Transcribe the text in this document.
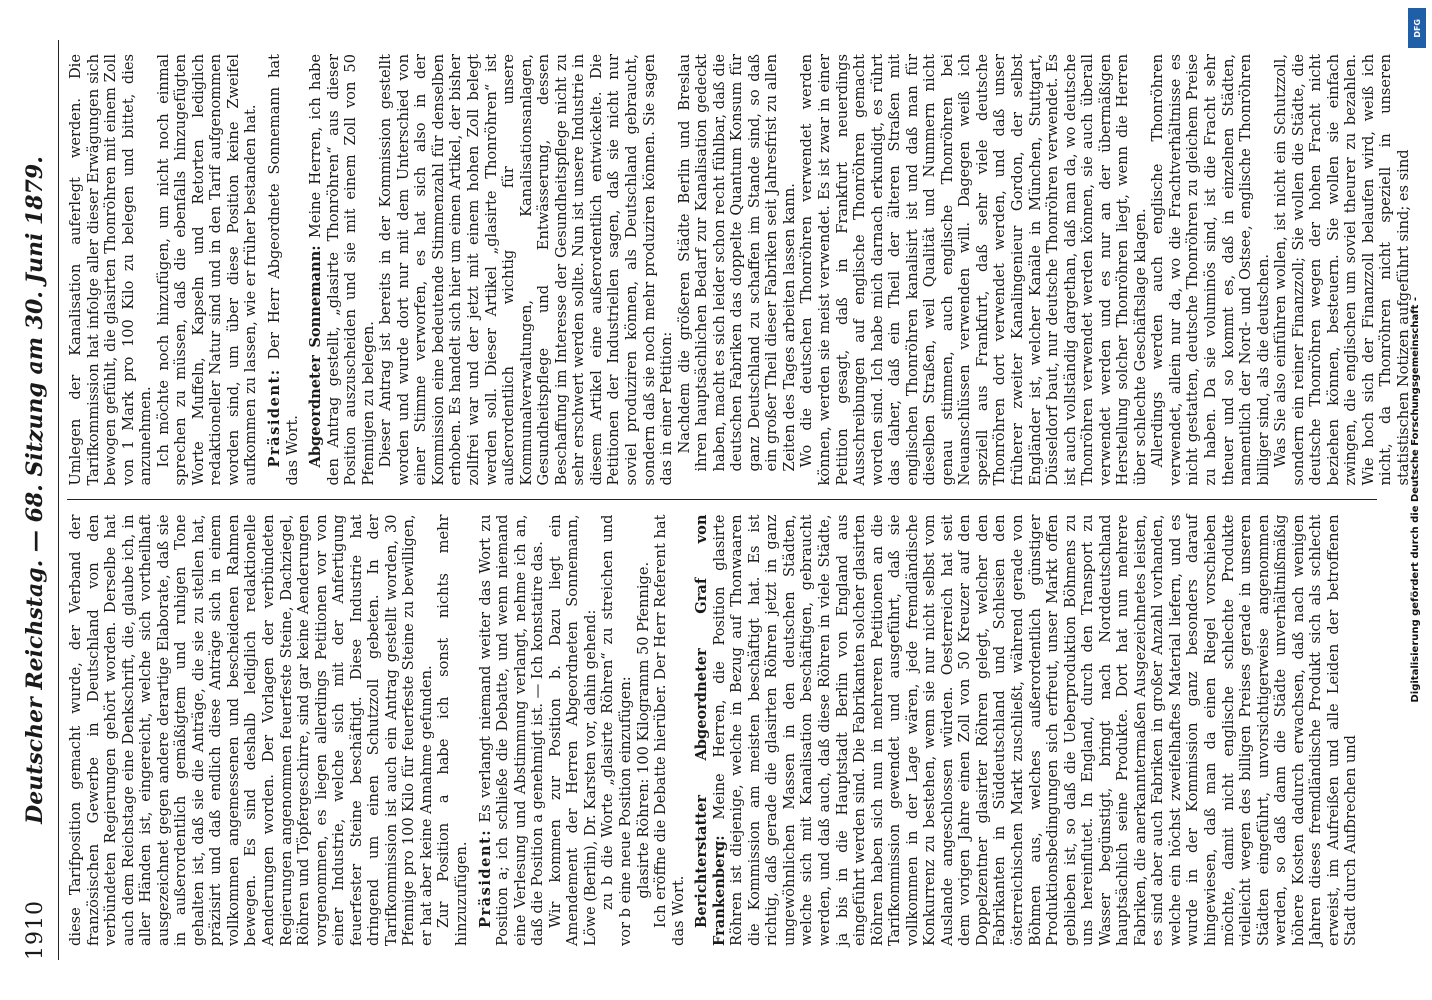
1910
Deutscher Reichstag. — 68. Sitzung am 30. Juni 1879. diese Tarifposition gemacht wurde, der Verband der französischen Gewerbe in Deutschland von den verbündeten Regierungen gehört worden. Derselbe hat auch dem Reichstage eine Denkschrift, die, glaube ich, in aller Händen ist, eingereicht, welche sich vortheilhaft ausgezeichnet gegen andere derartige Elaborate, daß sie in außerordentlich gemäßigtem und ruhigen Tone gehalten ist, daß sie die Anträge, die sie zu stellen hat, präzisirt und daß endlich diese Anträge sich in einem vollkommen angemessenen und bescheidenen Rahmen bewegen. Es sind deshalb lediglich redaktionelle Aenderungen worden. Der Vorlagen der verbündeten Regierungen angenommen feuerfeste Steine, Dachziegel, Röhren und Töpfergeschirre, sind gar keine Aenderungen vorgenommen, es liegen allerdings Petitionen vor von einer Industrie, welche sich mit der Anfertigung feuerfester Steine beschäftigt. Diese Industrie hat dringend um einen Schutzzoll gebeten. In der Tarifkommission ist auch ein Antrag gestellt worden, 30 Pfennige pro 100 Kilo für feuerfeste Steine zu bewilligen, er hat aber keine Annahme gefunden. Zur Position a habe ich sonst nichts mehr hinzuzufügen. Präsident: Es verlangt niemand weiter das Wort zu Position a; ich schließe die Debatte, und wenn niemand eine Verlesung und Abstimmung verlangt, nehme ich an, daß die Position a genehmigt ist. — Ich konstatire das. Wir kommen zur Position b. Dazu liegt ein Amendement der Herren Abgeordneten Sonnemann, Löwe (Berlin), Dr. Karsten vor, dahin gehend: zu b die Worte „glasirte Röhren“ zu streichen und vor b eine neue Position einzufügen: glasirte Röhren: 100 Kilogramm 50 Pfennige. Ich eröffne die Debatte hierüber. Der Herr Referent hat das Wort. Berichterstatter Abgeordneter Graf von Frankenberg: Meine Herren, die Position glasirte Röhren ist diejenige, welche in Bezug auf Thonwaaren die Kommission am meisten beschäftigt hat. Es ist richtig, daß gerade die glasirten Röhren jetzt in ganz ungewöhnlichen Massen in den deutschen Städten, welche sich mit Kanalisation beschäftigen, gebraucht werden, und daß auch, daß diese Röhren in viele Städte, ja bis in die Hauptstadt Berlin von England aus eingeführt werden sind. Die Fabrikanten solcher glasirten Röhren haben sich nun in mehreren Petitionen an die Tarifkommission gewendet und ausgeführt, daß sie vollkommen in der Lage wären, jede fremdländische Konkurrenz zu bestehen, wenn sie nur nicht selbst vom Auslande angeschlossen würden. Oesterreich hat seit dem vorigen Jahre einen Zoll von 50 Kreuzer auf den Doppelzentner glasirter Röhren gelegt, welcher den Fabrikanten in Süddeutschland und Schlesien den österreichischen Markt zuschließt, während gerade von Böhmen aus, welches außerordentlich günstiger Produktionsbedingungen sich erfreut, unser Markt offen geblieben ist, so daß die Ueberproduktion Böhmens zu uns hereinflutet. In England, durch den Transport zu Wasser begünstigt, bringt nach Norddeutschland hauptsächlich seine Produkte. Dort hat nun mehrere Fabriken, die anerkanntermaßen Ausgezeichnetes leisten, es sind aber auch Fabriken in großer Anzahl vorhanden, welche ein höchst zweifelhaftes Material liefern, und es wurde in der Kommission ganz besonders darauf hingewiesen, daß man da einen Riegel vorschieben möchte, damit nicht englische schlechte Produkte vielleicht wegen des billigen Preises gerade in unseren Städten eingeführt, unvorsichtigerweise angenommen werden, so daß dann die Städte unverhältnißmäßig höhere Kosten dadurch erwachsen, daß nach wenigen Jahren dieses fremdländische Produkt sich als schlecht erweist, im Aufreißen und alle Leiden der betroffenen Stadt durch Aufbrechen und

Umlegen der Kanalisation auferlegt werden. Die Tarifkommission hat infolge aller dieser Erwägungen sich bewogen gefühlt, die glasirten Thonröhren mit einem Zoll von 1 Mark pro 100 Kilo zu belegen und bittet, dies anzunehmen. Ich möchte noch hinzufügen, um nicht noch einmal sprechen zu müssen, daß die ebenfalls hinzugefügten Worte Muffeln, Kapseln und Retorten lediglich redaktioneller Natur sind und in den Tarif aufgenommen worden sind, um über diese Position keine Zweifel aufkommen zu lassen, wie er früher bestanden hat. Präsident: Der Herr Abgeordnete Sonnemann hat das Wort. Abgeordneter Sonnemann: Meine Herren, ich habe den Antrag gestellt, „glasirte Thonröhren“ aus dieser Position auszuscheiden und sie mit einem Zoll von 50 Pfennigen zu belegen. Dieser Antrag ist bereits in der Kommission gestellt worden und wurde dort nur mit dem Unterschied von einer Stimme verworfen, es hat sich also in der Kommission eine bedeutende Stimmenzahl für denselben erhoben. Es handelt sich hier um einen Artikel, der bisher zollfrei war und der jetzt mit einem hohen Zoll belegt werden soll. Dieser Artikel „glasirte Thonröhren“ ist außerordentlich wichtig für unsere Kommunalverwaltungen, Kanalisationsanlagen, Gesundheitspflege und Entwässerung, dessen Beschaffung im Interesse der Gesundheitspflege nicht zu sehr erschwert werden sollte. Nun ist unsere Industrie in diesem Artikel eine außerordentlich entwickelte. Die Petitionen der Industriellen sagen, daß sie nicht nur soviel produziren können, als Deutschland gebraucht, sondern daß sie noch mehr produziren können. Sie sagen das in einer Petition: Nachdem die größeren Städte Berlin und Breslau ihren hauptsächlichen Bedarf zur Kanalisation gedeckt haben, macht es sich leider schon recht fühlbar, daß die deutschen Fabriken das doppelte Quantum Konsum für ganz Deutschland zu schaffen im Stande sind, so daß ein großer Theil dieser Fabriken seit Jahresfrist zu allen Zeiten des Tages arbeiten lassen kann. Wo die deutschen Thonröhren verwendet werden können, werden sie meist verwendet. Es ist zwar in einer Petition gesagt, daß in Frankfurt neuerdings Ausschreibungen auf englische Thonröhren gemacht worden sind. Ich habe mich darnach erkundigt, es rührt das daher, daß ein Theil der älteren Straßen mit englischen Thonröhren kanalisirt ist und daß man für dieselben Straßen, weil Qualität und Nummern nicht genau stimmen, auch englische Thonröhren bei Neuanschlüssen verwenden will. Dagegen weiß ich speziell aus Frankfurt, daß sehr viele deutsche Thonröhren dort verwendet werden, und daß unser früherer zweiter Kanalingenieur Gordon, der selbst Engländer ist, welcher Kanäle in München, Stuttgart, Düsseldorf baut, nur deutsche Thonröhren verwendet. Es ist auch vollständig dargethan, daß man da, wo deutsche Thonröhren verwendet werden können, sie auch überall verwendet werden und es nur an der übermäßigen Herstellung solcher Thonröhren liegt, wenn die Herren über schlechte Geschäftslage klagen. Allerdings werden auch englische Thonröhren verwendet, allein nur da, wo die Frachtverhältnisse es nicht gestatten, deutsche Thonröhren zu gleichem Preise zu haben. Da sie voluminös sind, ist die Fracht sehr theuer und so kommt es, daß in einzelnen Städten, namentlich der Nord- und Ostsee, englische Thonröhren billiger sind, als die deutschen. Was Sie also einführen wollen, ist nicht ein Schutzzoll, sondern ein reiner Finanzzoll; Sie wollen die Städte, die deutsche Thonröhren wegen der hohen Fracht nicht beziehen können, besteuern. Sie wollen sie einfach zwingen, die englischen um soviel theurer zu bezahlen. Wie hoch sich der Finanzzoll belaufen wird, weiß ich nicht, da Thonröhren nicht speziell in unseren statistischen Notizen aufgeführt sind; es sind

Digitalisierung gefördert durch die Deutsche Forschungsgemeinschaft -
DFG
